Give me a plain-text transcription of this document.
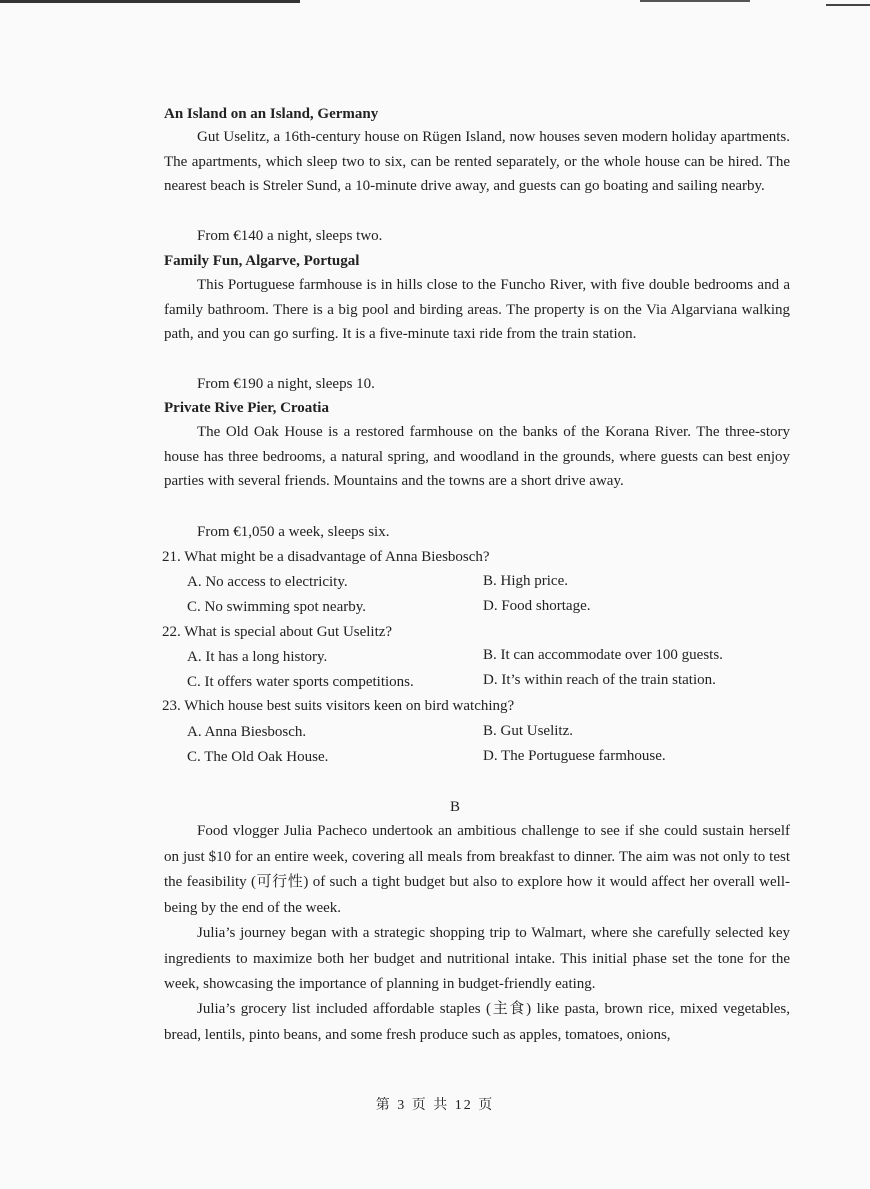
An Island on an Island, Germany

Gut Uselitz, a 16th-century house on Rügen Island, now houses seven modern holiday apartments. The apartments, which sleep two to six, can be rented separately, or the whole house can be hired. The nearest beach is Streler Sund, a 10-minute drive away, and guests can go boating and sailing nearby.

From €140 a night, sleeps two.
Family Fun, Algarve, Portugal

This Portuguese farmhouse is in hills close to the Funcho River, with five double bedrooms and a family bathroom. There is a big pool and birding areas. The property is on the Via Algarviana walking path, and you can go surfing. It is a five-minute taxi ride from the train station.

From €190 a night, sleeps 10.
Private Rive Pier, Croatia

The Old Oak House is a restored farmhouse on the banks of the Korana River. The three-story house has three bedrooms, a natural spring, and woodland in the grounds, where guests can best enjoy parties with several friends. Mountains and the towns are a short drive away.

From €1,050 a week, sleeps six.
21. What might be a disadvantage of Anna Biesbosch?
A. No access to electricity.	B. High price.
C. No swimming spot nearby.	D. Food shortage.
22. What is special about Gut Uselitz?
A. It has a long history.	B. It can accommodate over 100 guests.
C. It offers water sports competitions.	D. It’s within reach of the train station.
23. Which house best suits visitors keen on bird watching?
A. Anna Biesbosch.	B. Gut Uselitz.
C. The Old Oak House.	D. The Portuguese farmhouse.
B

Food vlogger Julia Pacheco undertook an ambitious challenge to see if she could sustain herself on just $10 for an entire week, covering all meals from breakfast to dinner. The aim was not only to test the feasibility (可行性) of such a tight budget but also to explore how it would affect her overall well-being by the end of the week.

Julia’s journey began with a strategic shopping trip to Walmart, where she carefully selected key ingredients to maximize both her budget and nutritional intake. This initial phase set the tone for the week, showcasing the importance of planning in budget-friendly eating.

Julia’s grocery list included affordable staples (主食) like pasta, brown rice, mixed vegetables, bread, lentils, pinto beans, and some fresh produce such as apples, tomatoes, onions,

第 3 页 共 12 页
